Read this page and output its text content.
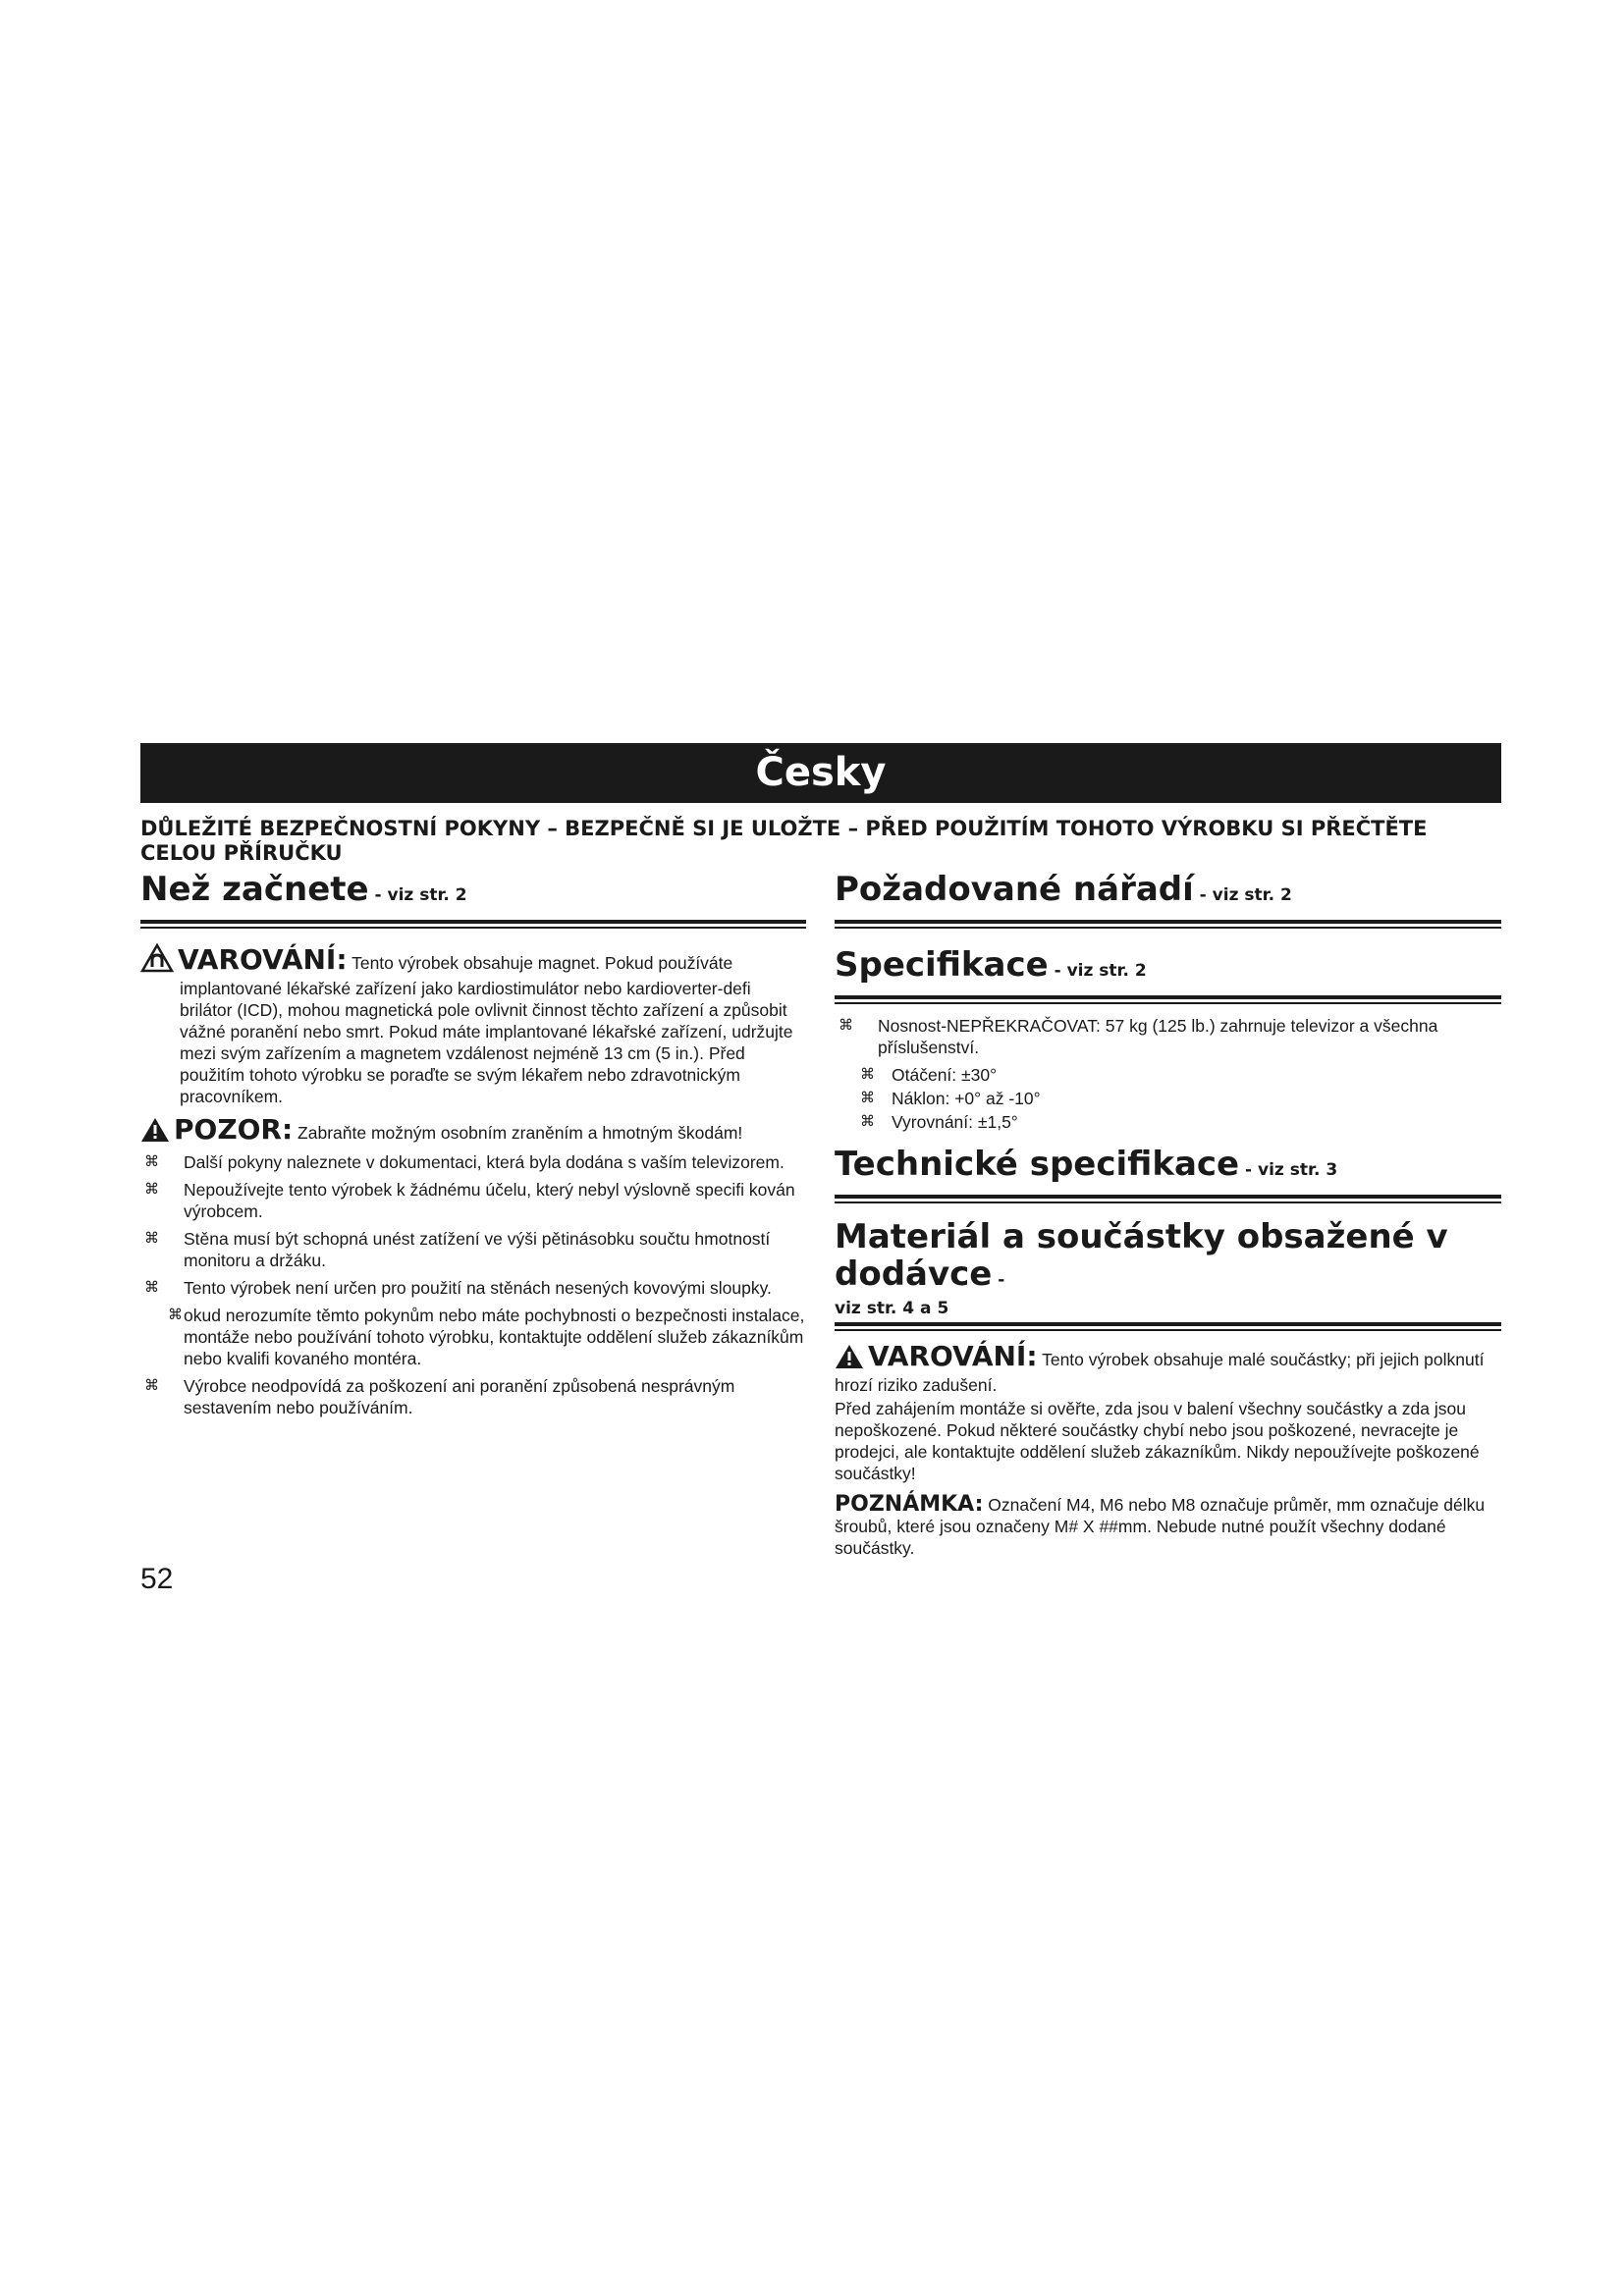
Česky
DŮLEŽITÉ BEZPEČNOSTNÍ POKYNY – BEZPEČNĚ SI JE ULOŽTE – PŘED POUŽITÍM TOHOTO VÝROBKU SI PŘEČTĚTE CELOU PŘÍRUČKU
Než začnete - viz str. 2
VAROVÁNÍ: Tento výrobek obsahuje magnet. Pokud používáte
implantované lékařské zařízení jako kardiostimulátor nebo kardioverter-defi brilátor (ICD), mohou magnetická pole ovlivnit činnost těchto zařízení a způsobit vážné poranění nebo smrt. Pokud máte implantované lékařské zařízení, udržujte mezi svým zařízením a magnetem vzdálenost nejméně 13 cm (5 in.). Před použitím tohoto výrobku se poraďte se svým lékařem nebo zdravotnickým pracovníkem.
POZOR: Zabraňte možným osobním zraněním a hmotným škodám!
⌘ Další pokyny naleznete v dokumentaci, která byla dodána s vaším televizorem.
⌘ Nepoužívejte tento výrobek k žádnému účelu, který nebyl výslovně specifi kován výrobcem.
⌘ Stěna musí být schopná unést zatížení ve výši pětinásobku součtu hmotností monitoru a držáku.
⌘ Tento výrobek není určen pro použití na stěnách nesených kovovými sloupky.
⌘ okud nerozumíte těmto pokynům nebo máte pochybnosti o bezpečnosti instalace, montáže nebo používání tohoto výrobku, kontaktujte oddělení služeb zákazníkům nebo kvalifi kovaného montéra.
⌘ Výrobce neodpovídá za poškození ani poranění způsobená nesprávným sestavením nebo používáním.
Požadované nářadí - viz str. 2
Specifikace - viz str. 2
⌘ Nosnost-NEPŘEKRAČOVAT: 57 kg (125 lb.) zahrnuje televizor a všechna příslušenství.
⌘ Otáčení: ±30°
⌘ Náklon: +0° až -10°
⌘ Vyrovnání: ±1,5°
Technické specifikace - viz str. 3
Materiál a součástky obsažené v dodávce -
viz str. 4 a 5
VAROVÁNÍ: Tento výrobek obsahuje malé součástky; při jejich polknutí hrozí riziko zadušení.
Před zahájením montáže si ověřte, zda jsou v balení všechny součástky a zda jsou nepoškozené. Pokud některé součástky chybí nebo jsou poškozené, nevracejte je prodejci, ale kontaktujte oddělení služeb zákazníkům. Nikdy nepoužívejte poškozené součástky!
POZNÁMKA: Označení M4, M6 nebo M8 označuje průměr, mm označuje délku šroubů, které jsou označeny M# X ##mm. Nebude nutné použít všechny dodané součástky.
52
